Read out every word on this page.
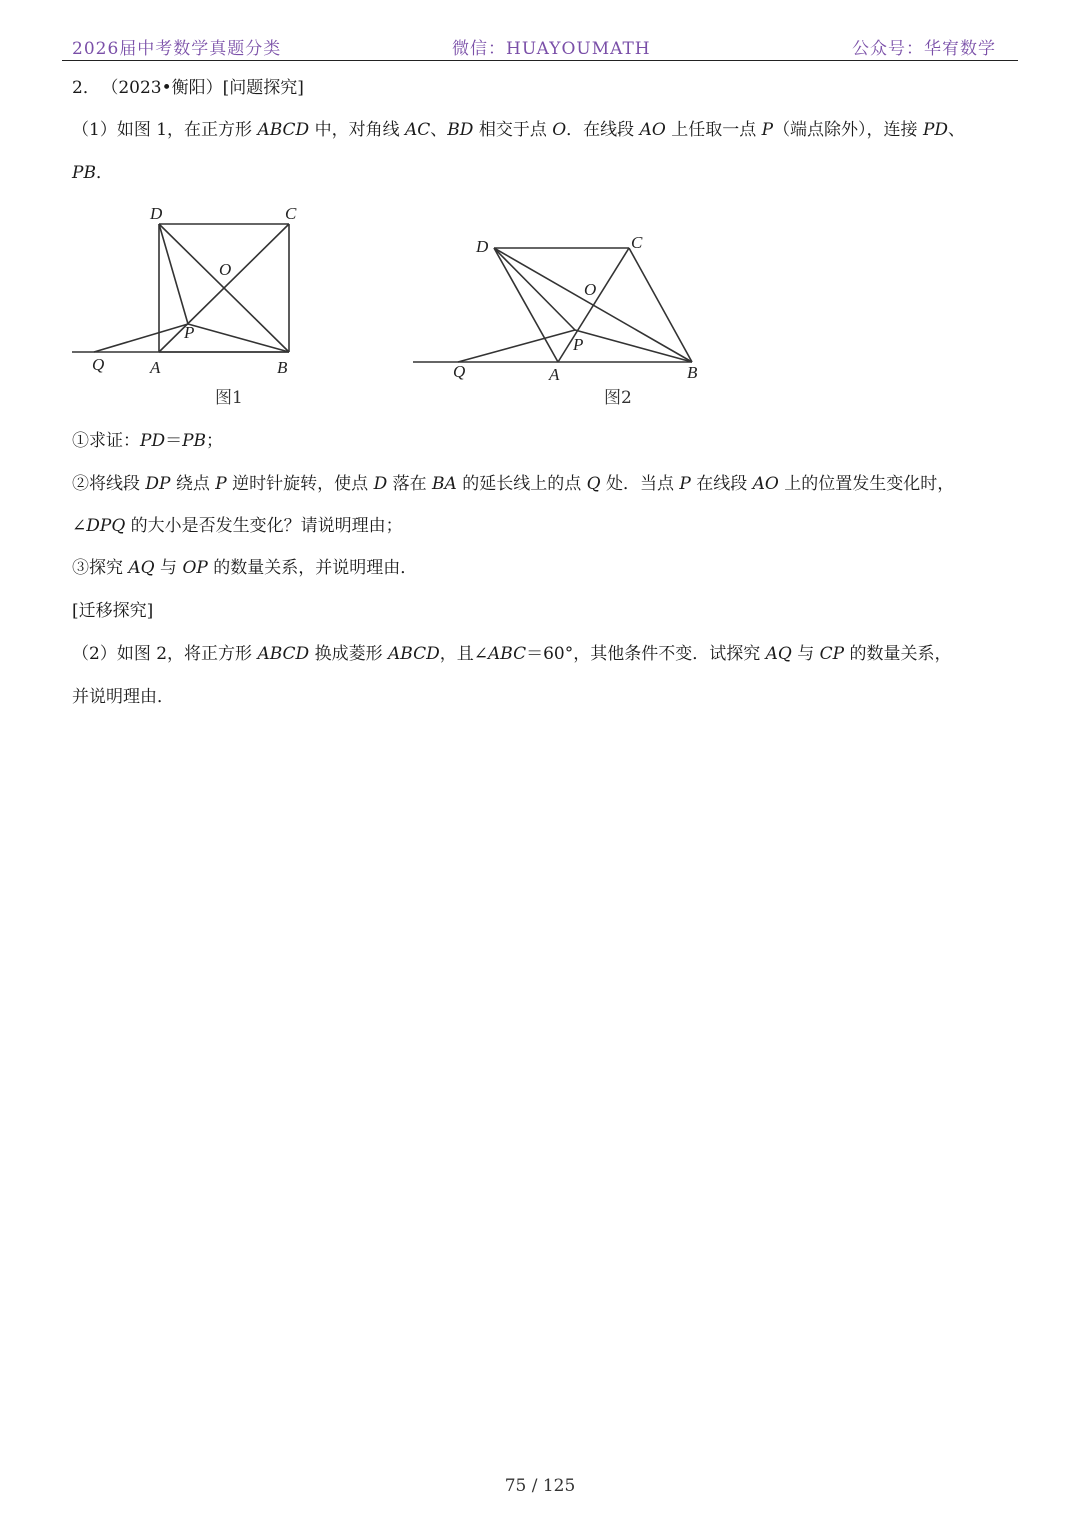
2026届中考数学真题分类	微信：HUAYOUMATH	公众号：华宥数学
2． （2023•衡阳）[问题探究]
（1）如图 1，在正方形 ABCD 中，对角线 AC、BD 相交于点 O．在线段 AO 上任取一点 P（端点除外），连接 PD、
PB．
D	C
O
P
Q	A	B
图1
D	C
O
P
Q	A	B
图2
①求证：PD＝PB；
②将线段 DP 绕点 P 逆时针旋转，使点 D 落在 BA 的延长线上的点 Q 处．当点 P 在线段 AO 上的位置发生变化时，
∠DPQ 的大小是否发生变化？请说明理由；
③探究 AQ 与 OP 的数量关系，并说明理由．
[迁移探究]
（2）如图 2，将正方形 ABCD 换成菱形 ABCD，且∠ABC＝60°，其他条件不变．试探究 AQ 与 CP 的数量关系，
并说明理由．
75 / 125
